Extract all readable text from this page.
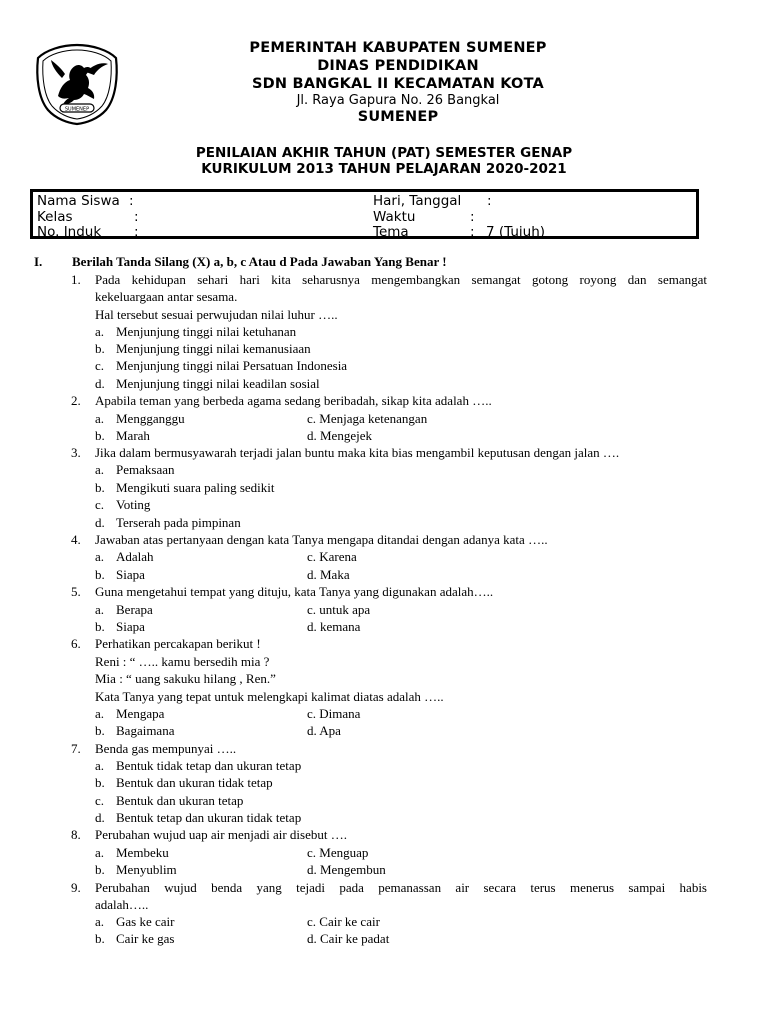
SUMENEP
PEMERINTAH KABUPATEN SUMENEP
DINAS PENDIDIKAN
SDN BANGKAL II KECAMATAN KOTA
Jl. Raya Gapura No. 26 Bangkal
SUMENEP
PENILAIAN AKHIR TAHUN (PAT) SEMESTER GENAP
KURIKULUM 2013 TAHUN PELAJARAN 2020-2021
Nama Siswa :
Kelas	:
No. Induk :
Hari, Tanggal :
Waktu	:
Tema	: 7 (Tujuh)
I. Berilah Tanda Silang (X) a, b, c Atau d Pada Jawaban Yang Benar !
1. Pada kehidupan sehari hari kita seharusnya mengembangkan semangat gotong royong dan semangat
kekeluargaan antar sesama.
Hal tersebut sesuai perwujudan nilai luhur …..
a. Menjunjung tinggi nilai ketuhanan
b. Menjunjung tinggi nilai kemanusiaan
c. Menjunjung tinggi nilai Persatuan Indonesia
d. Menjunjung tinggi nilai keadilan sosial
2. Apabila teman yang berbeda agama sedang beribadah, sikap kita adalah …..
a. Mengganggu	c. Menjaga ketenangan
b. Marah	d. Mengejek
3. Jika dalam bermusyawarah terjadi jalan buntu maka kita bias mengambil keputusan dengan jalan ….
a. Pemaksaan
b. Mengikuti suara paling sedikit
c. Voting
d. Terserah pada pimpinan
4. Jawaban atas pertanyaan dengan kata Tanya mengapa ditandai dengan adanya kata …..
a. Adalah	c. Karena
b. Siapa	d. Maka
5. Guna mengetahui tempat yang dituju, kata Tanya yang digunakan adalah…..
a. Berapa	c. untuk apa
b. Siapa	d. kemana
6. Perhatikan percakapan berikut !
Reni : “ ….. kamu bersedih mia ?
Mia : “ uang sakuku hilang , Ren.”
Kata Tanya yang tepat untuk melengkapi kalimat diatas adalah …..
a. Mengapa	c. Dimana
b. Bagaimana	d. Apa
7. Benda gas mempunyai …..
a. Bentuk tidak tetap dan ukuran tetap
b. Bentuk dan ukuran tidak tetap
c. Bentuk dan ukuran tetap
d. Bentuk tetap dan ukuran tidak tetap
8. Perubahan wujud uap air menjadi air disebut ….
a. Membeku	c. Menguap
b. Menyublim	d. Mengembun
9. Perubahan wujud benda yang tejadi pada pemanassan air secara terus menerus sampai habis
adalah…..
a. Gas ke cair	c. Cair ke cair
b. Cair ke gas	d. Cair ke padat
